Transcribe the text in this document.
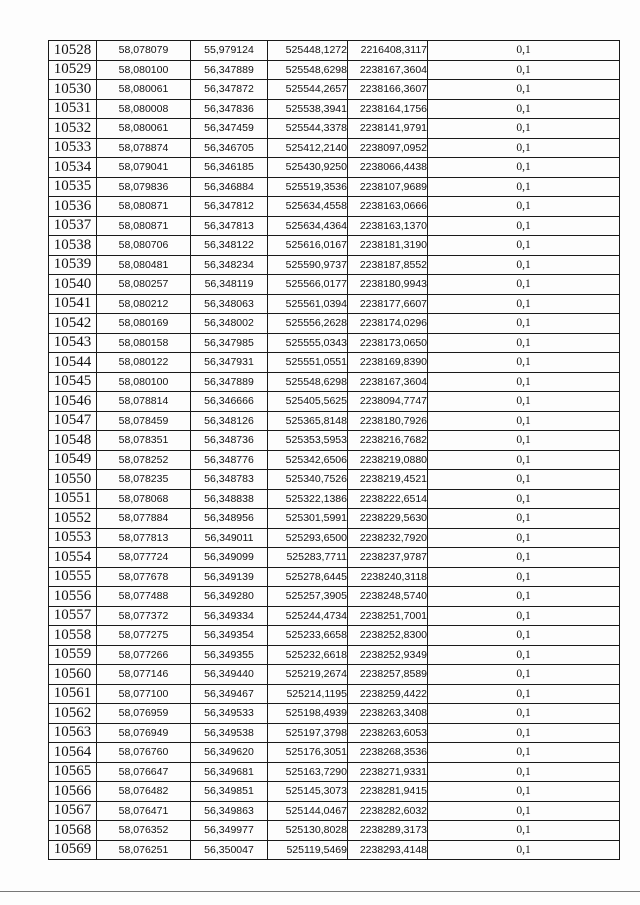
10528	58,078079	55,979124	525448,1272	2216408,3117	0,1
10529	58,080100	56,347889	525548,6298	2238167,3604	0,1
10530	58,080061	56,347872	525544,2657	2238166,3607	0,1
10531	58,080008	56,347836	525538,3941	2238164,1756	0,1
10532	58,080061	56,347459	525544,3378	2238141,9791	0,1
10533	58,078874	56,346705	525412,2140	2238097,0952	0,1
10534	58,079041	56,346185	525430,9250	2238066,4438	0,1
10535	58,079836	56,346884	525519,3536	2238107,9689	0,1
10536	58,080871	56,347812	525634,4558	2238163,0666	0,1
10537	58,080871	56,347813	525634,4364	2238163,1370	0,1
10538	58,080706	56,348122	525616,0167	2238181,3190	0,1
10539	58,080481	56,348234	525590,9737	2238187,8552	0,1
10540	58,080257	56,348119	525566,0177	2238180,9943	0,1
10541	58,080212	56,348063	525561,0394	2238177,6607	0,1
10542	58,080169	56,348002	525556,2628	2238174,0296	0,1
10543	58,080158	56,347985	525555,0343	2238173,0650	0,1
10544	58,080122	56,347931	525551,0551	2238169,8390	0,1
10545	58,080100	56,347889	525548,6298	2238167,3604	0,1
10546	58,078814	56,346666	525405,5625	2238094,7747	0,1
10547	58,078459	56,348126	525365,8148	2238180,7926	0,1
10548	58,078351	56,348736	525353,5953	2238216,7682	0,1
10549	58,078252	56,348776	525342,6506	2238219,0880	0,1
10550	58,078235	56,348783	525340,7526	2238219,4521	0,1
10551	58,078068	56,348838	525322,1386	2238222,6514	0,1
10552	58,077884	56,348956	525301,5991	2238229,5630	0,1
10553	58,077813	56,349011	525293,6500	2238232,7920	0,1
10554	58,077724	56,349099	525283,7711	2238237,9787	0,1
10555	58,077678	56,349139	525278,6445	2238240,3118	0,1
10556	58,077488	56,349280	525257,3905	2238248,5740	0,1
10557	58,077372	56,349334	525244,4734	2238251,7001	0,1
10558	58,077275	56,349354	525233,6658	2238252,8300	0,1
10559	58,077266	56,349355	525232,6618	2238252,9349	0,1
10560	58,077146	56,349440	525219,2674	2238257,8589	0,1
10561	58,077100	56,349467	525214,1195	2238259,4422	0,1
10562	58,076959	56,349533	525198,4939	2238263,3408	0,1
10563	58,076949	56,349538	525197,3798	2238263,6053	0,1
10564	58,076760	56,349620	525176,3051	2238268,3536	0,1
10565	58,076647	56,349681	525163,7290	2238271,9331	0,1
10566	58,076482	56,349851	525145,3073	2238281,9415	0,1
10567	58,076471	56,349863	525144,0467	2238282,6032	0,1
10568	58,076352	56,349977	525130,8028	2238289,3173	0,1
10569	58,076251	56,350047	525119,5469	2238293,4148	0,1
